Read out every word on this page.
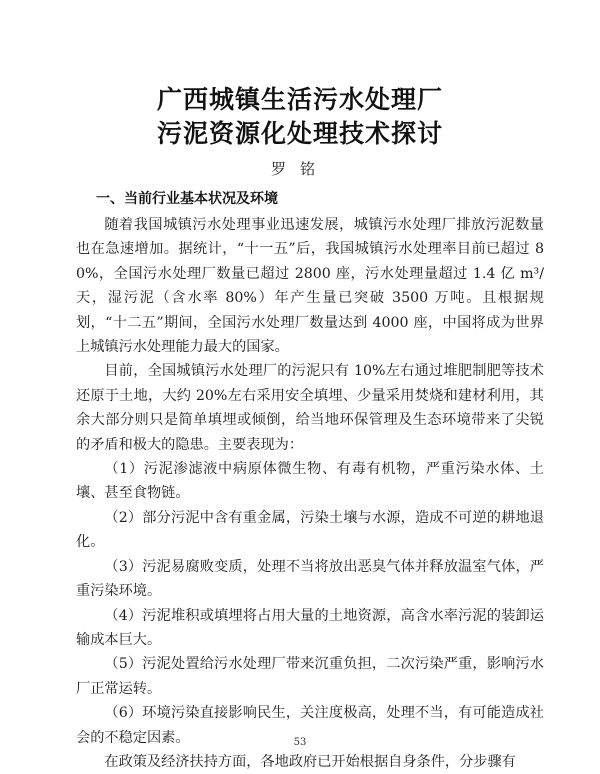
广西城镇生活污水处理厂
污泥资源化处理技术探讨
罗铭
一、当前行业基本状况及环境

随着我国城镇污水处理事业迅速发展，城镇污水处理厂排放污泥数量也在急速增加。据统计，“十一五”后，我国城镇污水处理率目前已超过 80%，全国污水处理厂数量已超过 2800 座，污水处理量超过 1.4 亿 m³/天，湿污泥（含水率 80%）年产生量已突破 3500 万吨。且根据规划，“十二五”期间，全国污水处理厂数量达到 4000 座，中国将成为世界上城镇污水处理能力最大的国家。

目前，全国城镇污水处理厂的污泥只有 10%左右通过堆肥制肥等技术还原于土地，大约 20%左右采用安全填埋、少量采用焚烧和建材利用，其余大部分则只是简单填埋或倾倒，给当地环保管理及生态环境带来了尖锐的矛盾和极大的隐患。主要表现为：

（1）污泥渗滤液中病原体微生物、有毒有机物，严重污染水体、土壤、甚至食物链。

（2）部分污泥中含有重金属，污染土壤与水源，造成不可逆的耕地退化。

（3）污泥易腐败变质，处理不当将放出恶臭气体并释放温室气体，严重污染环境。

（4）污泥堆积或填埋将占用大量的土地资源，高含水率污泥的装卸运输成本巨大。

（5）污泥处置给污水处理厂带来沉重负担，二次污染严重，影响污水厂正常运转。

（6）环境污染直接影响民生，关注度极高，处理不当，有可能造成社会的不稳定因素。

在政策及经济扶持方面，各地政府已开始根据自身条件，分步骤有

53
